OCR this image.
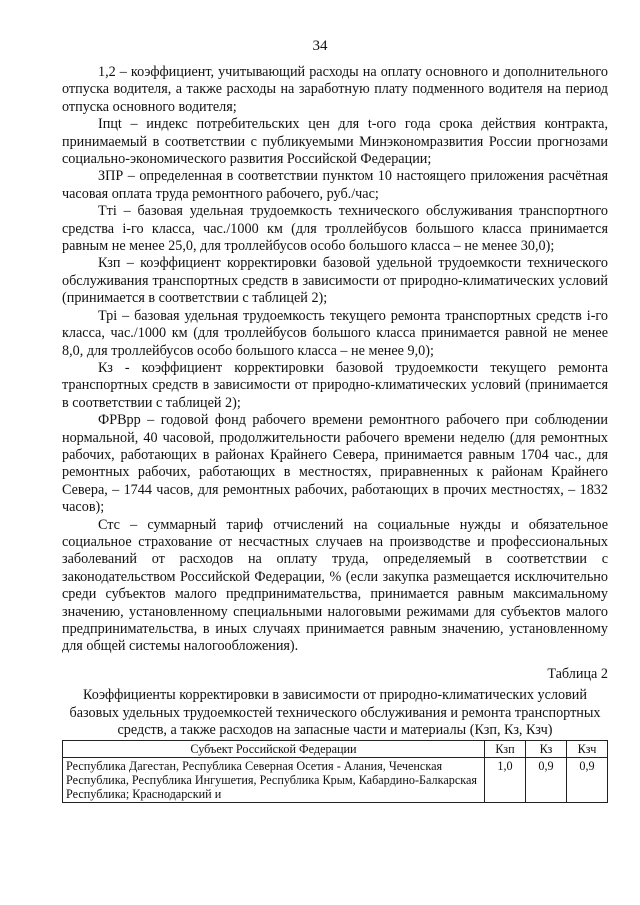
34

1,2 – коэффициент, учитывающий расходы на оплату основного и дополнительного отпуска водителя, а также расходы на заработную плату подменного водителя на период отпуска основного водителя;

Iпцt – индекс потребительских цен для t-ого года срока действия контракта, принимаемый в соответствии с публикуемыми Минэкономразвития России прогнозами социально-экономического развития Российской Федерации;

ЗПР – определенная в соответствии пунктом 10 настоящего приложения расчётная часовая оплата труда ремонтного рабочего, руб./час;

Ттi – базовая удельная трудоемкость технического обслуживания транспортного средства i-го класса, час./1000 км (для троллейбусов большого класса принимается равным не менее 25,0, для троллейбусов особо большого класса – не менее 30,0);

Кзп – коэффициент корректировки базовой удельной трудоемкости технического обслуживания транспортных средств в зависимости от природно-климатических условий (принимается в соответствии с таблицей 2);

Трi – базовая удельная трудоемкость текущего ремонта транспортных средств i-го класса, час./1000 км (для троллейбусов большого класса принимается равной не менее 8,0, для троллейбусов особо большого класса – не менее 9,0);

Кз - коэффициент корректировки базовой трудоемкости текущего ремонта транспортных средств в зависимости от природно-климатических условий (принимается в соответствии с таблицей 2);

ФРВрр – годовой фонд рабочего времени ремонтного рабочего при соблюдении нормальной, 40 часовой, продолжительности рабочего времени неделю (для ремонтных рабочих, работающих в районах Крайнего Севера, принимается равным 1704 час., для ремонтных рабочих, работающих в местностях, приравненных к районам Крайнего Севера, – 1744 часов, для ремонтных рабочих, работающих в прочих местностях, – 1832 часов);

Стс – суммарный тариф отчислений на социальные нужды и обязательное социальное страхование от несчастных случаев на производстве и профессиональных заболеваний от расходов на оплату труда, определяемый в соответствии с законодательством Российской Федерации, % (если закупка размещается исключительно среди субъектов малого предпринимательства, принимается равным максимальному значению, установленному специальными налоговыми режимами для субъектов малого предпринимательства, в иных случаях принимается равным значению, установленному для общей системы налогообложения).

Таблица 2
Коэффициенты корректировки в зависимости от природно-климатических условий базовых удельных трудоемкостей технического обслуживания и ремонта транспортных средств, а также расходов на запасные части и материалы (Кзп, Кз, Кзч)
Субъект Российской Федерации	Кзп	Кз	Кзч
Республика Дагестан, Республика Северная Осетия - Алания, Чеченская Республика, Республика Ингушетия, Республика Крым, Кабардино-Балкарская Республика; Краснодарский и	1,0	0,9	0,9
